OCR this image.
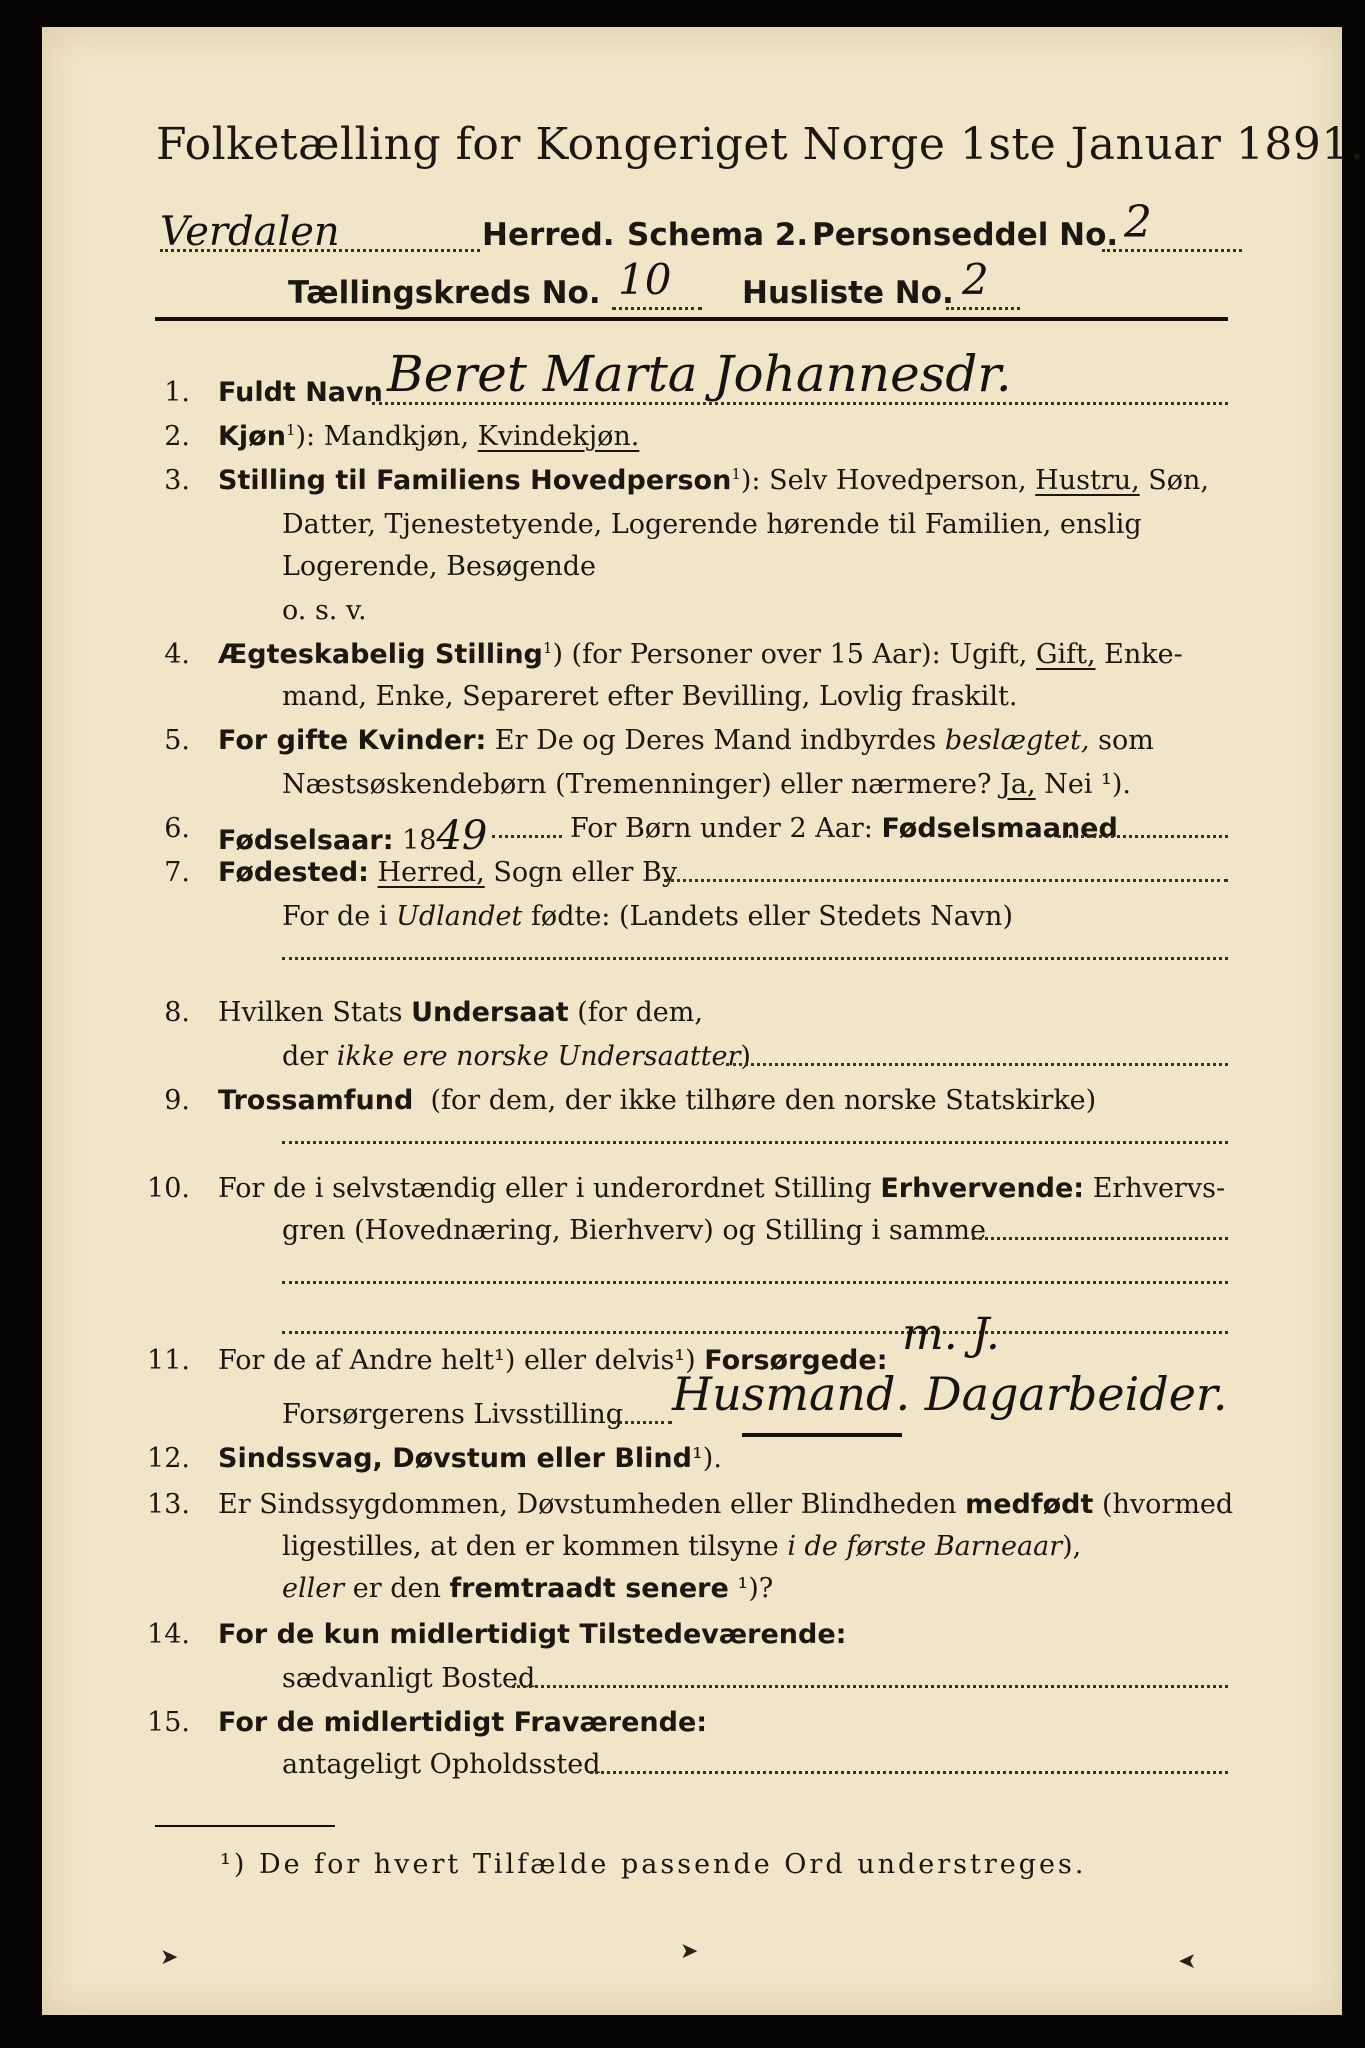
Folketælling for Kongeriget Norge 1ste Januar 1891.
Verdalen	Herred. Schema 2. Personseddel No. 2
Tællingskreds No. 10 Husliste No. 2
1. Fuldt Navn Beret Marta Johannesdr.
2. Kjøn$^1$): Mandkjøn, Kvindekjøn.
3. Stilling til Familiens Hovedperson$^1$): Selv Hovedperson, Hustru, Søn,
Datter, Tjenestetyende, Logerende hørende til Familien, enslig
Logerende, Besøgende
o. s. v.
4. Ægteskabelig Stilling$^1$) (for Personer over 15 Aar): Ugift, Gift, Enke-
mand, Enke, Separeret efter Bevilling, Lovlig fraskilt.
5. For gifte Kvinder: Er De og Deres Mand indbyrdes beslægtet, som
Næstsøskendebørn (Tremenninger) eller nærmere? Ja, Nei ¹).
6. Fødselsaar: 1849	For Børn under 2 Aar: Fødselsmaaned
7. Fødested: Herred, Sogn eller By
For de i Udlandet fødte: (Landets eller Stedets Navn)
8. Hvilken Stats Undersaat (for dem,
der ikke ere norske Undersaatter)
9. Trossamfund (for dem, der ikke tilhøre den norske Statskirke)
10. For de i selvstændig eller i underordnet Stilling Erhvervende: Erhvervs-
gren (Hovednæring, Bierhverv) og Stilling i samme
11. For de af Andre helt¹) eller delvis¹) Forsørgede:
m. J.
Forsørgerens Livsstilling Husmand. Dagarbeider.
12. Sindssvag, Døvstum eller Blind¹).
13. Er Sindssygdommen, Døvstumheden eller Blindheden medfødt (hvormed
ligestilles, at den er kommen tilsyne i de første Barneaar),
eller er den fremtraadt senere ¹)?
14. For de kun midlertidigt Tilstedeværende:
sædvanligt Bosted
15. For de midlertidigt Fraværende:
antageligt Opholdssted
¹) De for hvert Tilfælde passende Ord understreges.
➤	➤	➤
